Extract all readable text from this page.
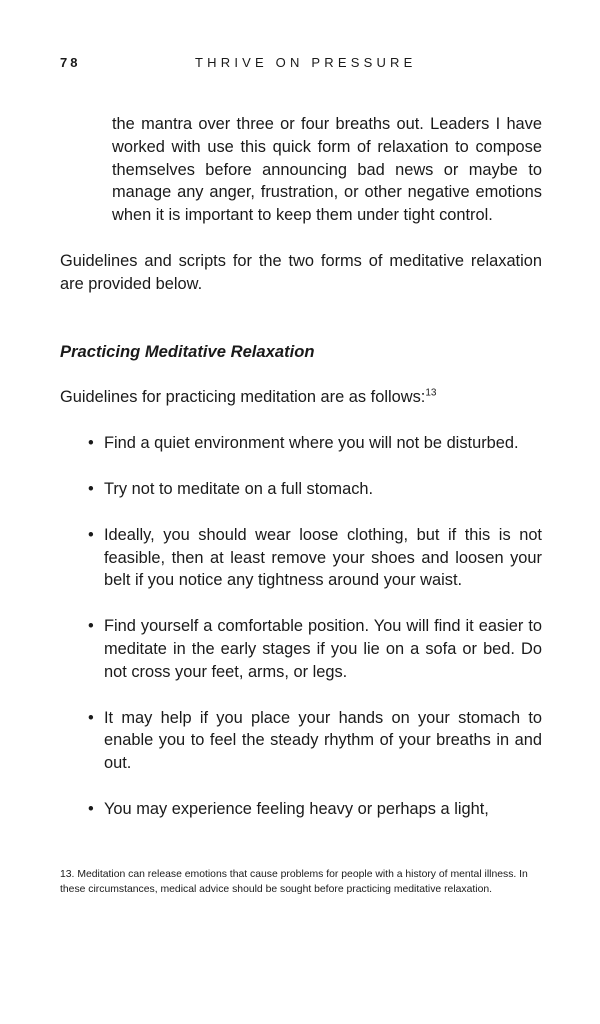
78	THRIVE ON PRESSURE

the mantra over three or four breaths out. Leaders I have worked with use this quick form of relaxation to compose themselves before announcing bad news or maybe to manage any anger, frustration, or other negative emotions when it is important to keep them under tight control.

Guidelines and scripts for the two forms of meditative relaxation are provided below.

Practicing Meditative Relaxation

Guidelines for practicing meditation are as follows:$^{13}$

• Find a quiet environment where you will not be disturbed.
• Try not to meditate on a full stomach.
• Ideally, you should wear loose clothing, but if this is not feasible, then at least remove your shoes and loosen your belt if you notice any tightness around your waist.
• Find yourself a comfortable position. You will find it easier to meditate in the early stages if you lie on a sofa or bed. Do not cross your feet, arms, or legs.
• It may help if you place your hands on your stomach to enable you to feel the steady rhythm of your breaths in and out.
• You may experience feeling heavy or perhaps a light,
13. Meditation can release emotions that cause problems for people with a history of mental illness. In these circumstances, medical advice should be sought before practicing meditative relaxation.
